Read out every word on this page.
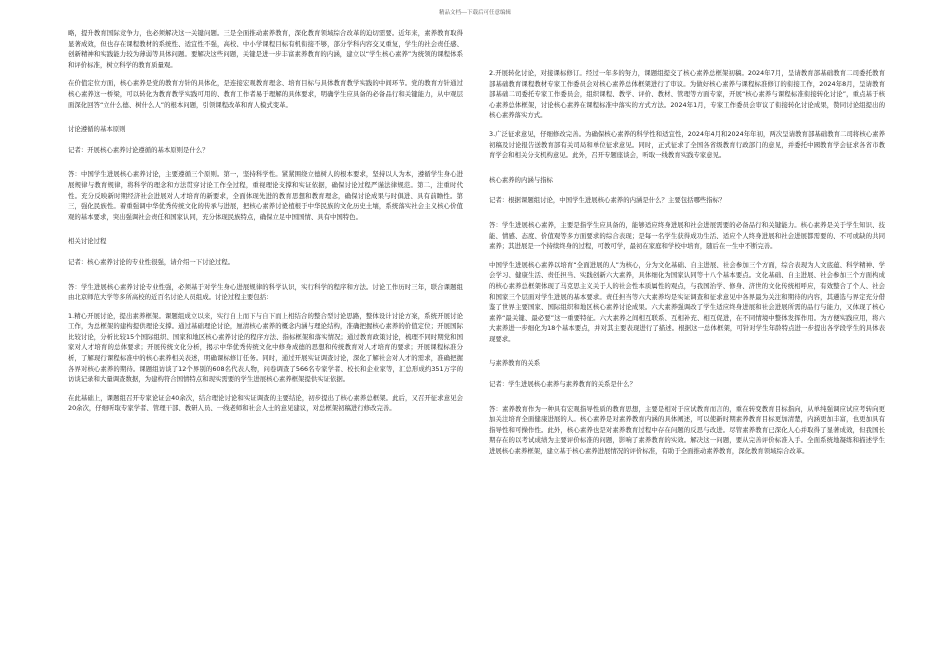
精品文档---下载后可任意编辑

略，提升教育国际竞争力，也必须解决这一关键问题。三是全面推动素养教育，深化教育领域综合改革的迫切需要。近年来，素养教育取得显著成效，但也存在课程教材的系统性、适宜性不强，高校、中小学课程目标有机衔接不够，部分学科内容交叉重复，学生的社会责任感、创新精神和实践能力较为薄弱等具体问题。要解决这些问题，关键是进一步丰富素养教育的内涵，建立以“学生核心素养”为统领的课程体系和评价标准，树立科学的教育质量观。

在价值定位方面，核心素养是党的教育方针的具体化，是连接宏观教育理念、培育目标与具体教育教学实践的中间环节。党的教育方针通过核心素养这一桥梁，可以转化为教育教学实践可用的、教育工作者易于理解的具体要求，明确学生应具备的必备品行和关键能力，从中观层面深化回答“立什么德、树什么人”的根本问题，引领课程改革和育人模式变革。

讨论遵循的基本原则

记者：开展核心素养讨论遵循的基本原则是什么？

答：中国学生进展核心素养讨论，主要遵循三个原则。第一，坚持科学性。紧紧围绕立德树人的根本要求，坚持以人为本，遵循学生身心进展规律与教育规律，将科学的理念和方法贯穿讨论工作全过程，重视理论支撑和实证依据，确保讨论过程严谨法律规范。第二，注重时代性。充分反映新时期经济社会进展对人才培育的新要求，全面体现先进的教育思想和教育理念，确保讨论成果与时俱进、具有前瞻性。第三，强化民族性。着重强调中华优秀传统文化的传承与进展，把核心素养讨论植根于中华民族的文化历史土壤，系统落实社会主义核心价值观的基本要求，突出强调社会责任和国家认同，充分体现民族特点，确保立足中国国情、具有中国特色。

相关讨论过程

记者：核心素养讨论的专业性很强，请介绍一下讨论过程。

答：学生进展核心素养讨论专业性强，必须基于对学生身心进展规律的科学认识，实行科学的程序和方法。讨论工作历时三年，联合课题组由北京师范大学等多所高校的近百名讨论人员组成。讨论过程主要包括：

1.精心开展讨论，提出素养框架。课题组成立以来，实行自上而下与自下而上相结合的整合型讨论思路，整体设计讨论方案，系统开展讨论工作，为总框架的建构提供理论支撑。通过基础理论讨论，厘清核心素养的概念内涵与理论结构，准确把握核心素养的价值定位；开展国际比较讨论，分析比较15个国际组织、国家和地区核心素养讨论的程序方法、指标框架和落实情况；通过教育政策讨论，梳理不同时期党和国家对人才培育的总体要求；开展传统文化分析，揭示中华优秀传统文化中修身成德的思想和传统教育对人才培育的要求；开展课程标准分析，了解现行课程标准中的核心素养相关表述，明确课标修订任务。同时，通过开展实证调查讨论，深化了解社会对人才的需求，准确把握各界对核心素养的期待。课题组访谈了12个界别的608名代表人物，问卷调查了566名专家学者、校长和企业家等，汇总形成约351万字的访谈记录和大量调查数据，为建构符合国情特点和现实需要的学生进展核心素养框架提供实证依据。

在此基础上，课题组召开专家论证会40余次，结合理论讨论和实证调查的主要结论，初步提出了核心素养总框架。此后，又召开征求意见会20余次，仔细听取专家学者、管理干部、教研人员、一线老师和社会人士的意见建议，对总框架初稿进行修改完善。

2.开展转化讨论，对接课标修订。经过一年多的努力，课题组提交了核心素养总框架初稿。2024年7月，呈请教育部基础教育二司委托教育部基础教育课程教材专家工作委员会对核心素养总体框架进行了审议。为做好核心素养与课程标准修订的衔接工作，2024年8月，呈请教育部基础二司委托专家工作委员会，组织课程、教学、评价、教材、管理等方面专家，开展“核心素养与课程标准衔接转化讨论”，重点基于核心素养总体框架，讨论核心素养在课程标准中落实的方式方法。2024年1月，专家工作委员会审议了衔接转化讨论成果，赞同讨论组提出的核心素养落实方式。

3.广泛征求意见，仔细修改完善。为确保核心素养的科学性和适宜性，2024年4月和2024年年初，两次呈请教育部基础教育二司将核心素养初稿及讨论报告送教育部有关司局和单位征求意见。同时，正式征求了全国各省级教育行政部门的意见，并委托中國教育学会征求各省市教育学会和相关分支机构意见。此外，召开专题座谈会，听取一线教育实践专家意见。

核心素养的内涵与指标

记者：根据课题组讨论，中国学生进展核心素养的内涵是什么？主要包括哪些指标？

答：学生进展核心素养，主要是指学生应具备的，能够适应终身进展和社会进展需要的必备品行和关键能力。核心素养是关于学生知识、技能、情感、态度、价值观等多方面要求的综合表现；是每一名学生获得成功生活、适应个人终身进展和社会进展都需要的、不可或缺的共同素养；其进展是一个持续终身的过程，可教可学，最初在家庭和学校中培育，随后在一生中不断完善。

中国学生进展核心素养以培育“全面进展的人”为核心，分为文化基础、自主进展、社会参加三个方面，综合表现为人文底蕴、科学精神、学会学习、健康生活、责任担当、实践创新六大素养，具体细化为国家认同等十八个基本要点。文化基础、自主进展、社会参加三个方面构成的核心素养总框架体现了马克思主义关于人的社会性本质属性的观点，与我国治学、修身、济世的文化传统相呼应，有效整合了个人、社会和国家三个层面对学生进展的基本要求。责任担当等六大素养均是实证调查和征求意见中各界最为关注和期待的内容，其遴选与界定充分借鉴了世界主要国家、国际组织和地区核心素养讨论成果。六大素养强调改了学生适应终身进展和社会进展所需的品行与能力，又体现了核心素养“最关键、最必要”这一重要特征。六大素养之间相互联系、互相补充、相互促进，在不同情境中整体发挥作用。为方便实践应用，将六大素养进一步细化为18个基本要点，并对其主要表现进行了描述。根据这一总体框架，可针对学生年龄特点进一步提出各学段学生的具体表现要求。

与素养教育的关系

记者：学生进展核心素养与素养教育的关系是什么？

答：素养教育作为一种具有宏观指导性质的教育思想，主要是相对于应试教育而言的，重在转变教育目标指向，从单纯强调应试应考转向更加关注培育全面健康进展的人。核心素养是对素养教育内涵的具体阐述，可以使新时期素养教育目标更加清楚，内涵更加丰富，也更加具有指导性和可操作性。此外，核心素养也是对素养教育过程中存在问题的反思与改进。尽管素养教育已深化人心并取得了显著成效，但我国长期存在的以考试成绩为主要评价标准的问题，影响了素养教育的实效。解决这一问题，要从完善评价标准入手。全面系统地凝练和描述学生进展核心素养框架，建立基于核心素养进展情况的评价标准，有助于全面推动素养教育，深化教育领域综合改革。
